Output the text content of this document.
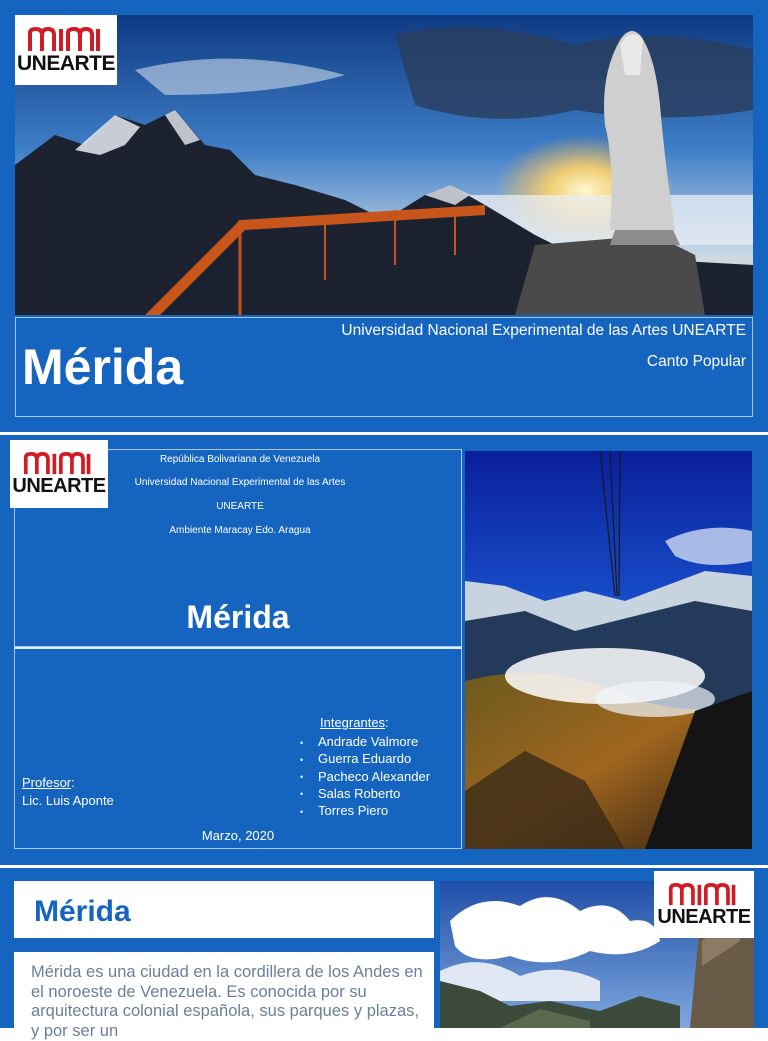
UNEARTE
Mérida
Universidad Nacional Experimental de las Artes UNEARTE
Canto Popular
UNEARTE
República Bolivariana de Venezuela
Universidad Nacional Experimental de las Artes
UNEARTE
Ambiente Maracay Edo. Aragua
Mérida
Integrantes:
• Andrade Valmore
• Guerra Eduardo
• Pacheco Alexander
• Salas Roberto
• Torres Piero
Profesor:
Lic. Luis Aponte
Marzo, 2020
Mérida

Mérida es una ciudad en la cordillera de los Andes en el noroeste de Venezuela. Es conocida por su arquitectura colonial española, sus parques y plazas, y por ser un

UNEARTE
